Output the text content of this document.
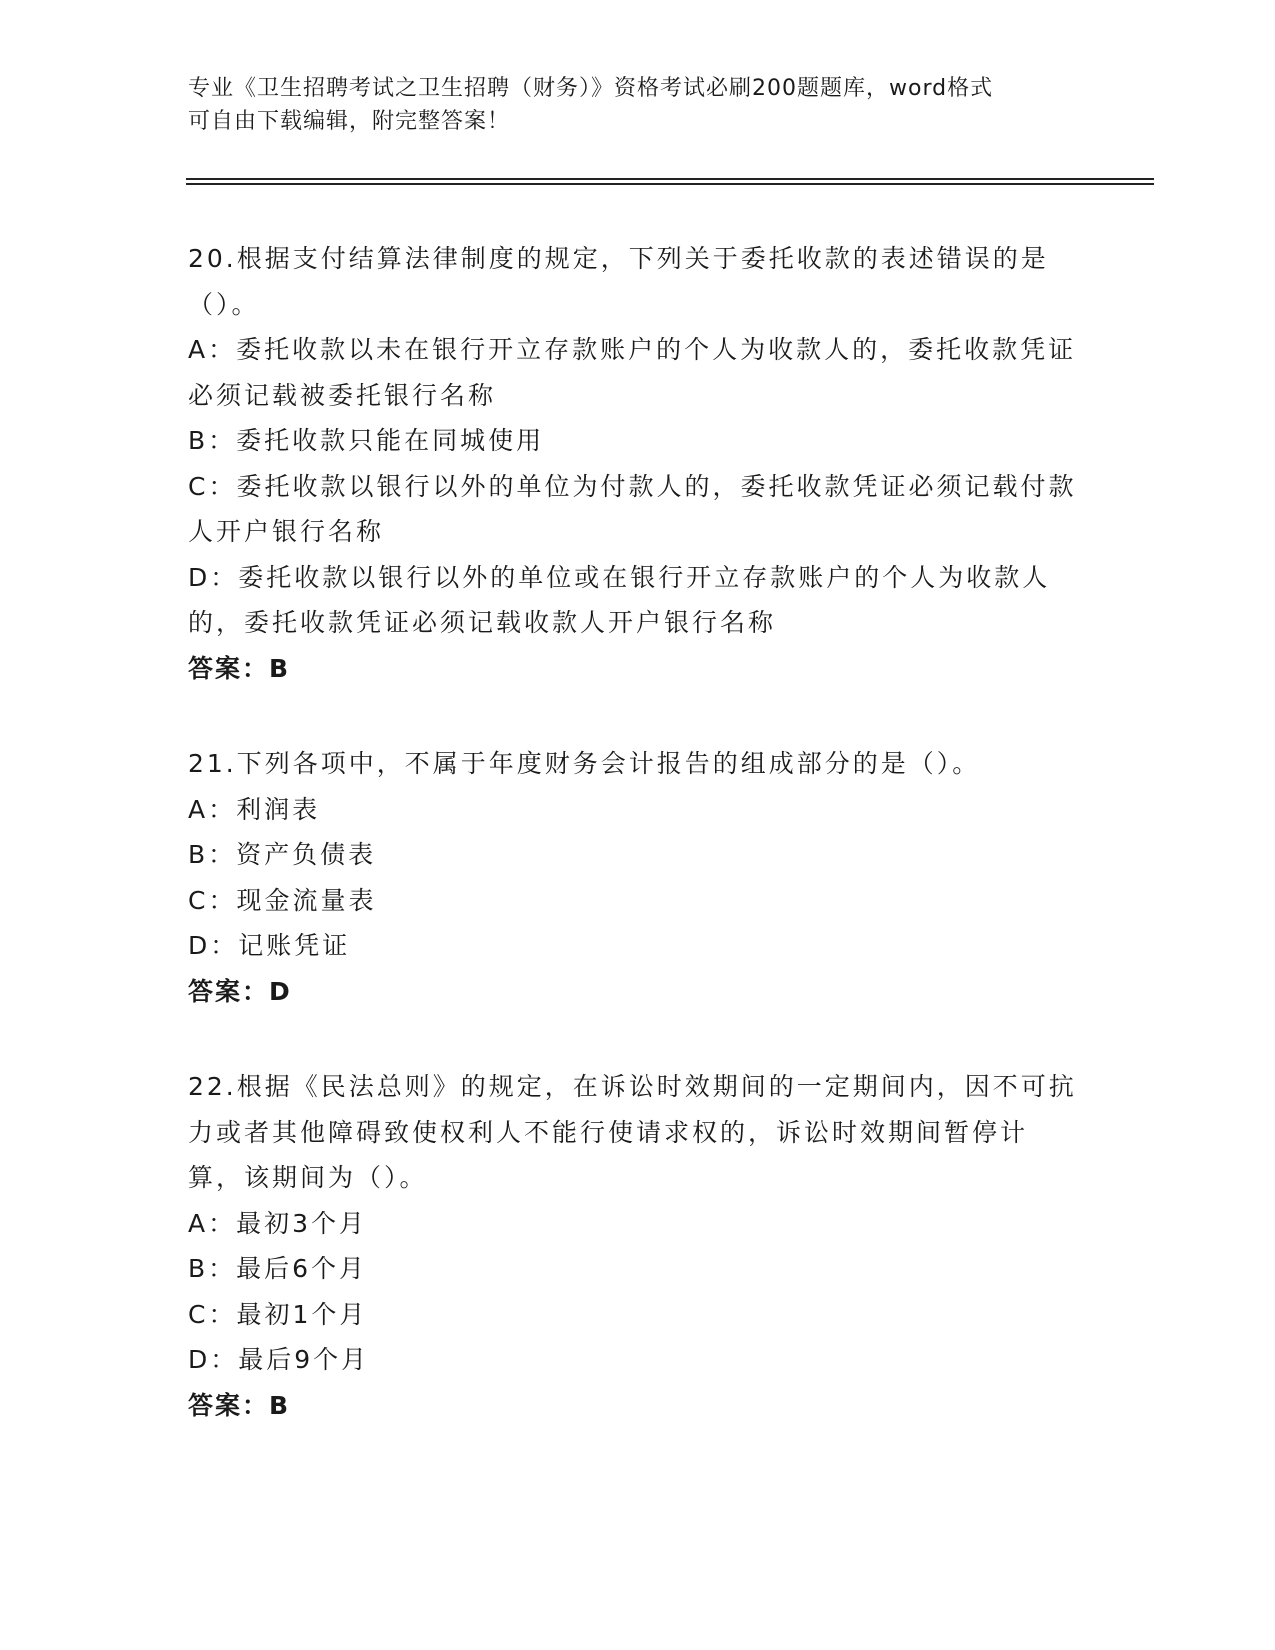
专业《卫生招聘考试之卫生招聘（财务）》资格考试必刷200题题库，word格式
可自由下载编辑，附完整答案！
20.根据支付结算法律制度的规定，下列关于委托收款的表述错误的是（）。
A：委托收款以未在银行开立存款账户的个人为收款人的，委托收款凭证必须记载被委托银行名称
B：委托收款只能在同城使用
C：委托收款以银行以外的单位为付款人的，委托收款凭证必须记载付款人开户银行名称
D：委托收款以银行以外的单位或在银行开立存款账户的个人为收款人的，委托收款凭证必须记载收款人开户银行名称
答案：B
21.下列各项中，不属于年度财务会计报告的组成部分的是（）。
A：利润表
B：资产负债表
C：现金流量表
D：记账凭证
答案：D
22.根据《民法总则》的规定，在诉讼时效期间的一定期间内，因不可抗力或者其他障碍致使权利人不能行使请求权的，诉讼时效期间暂停计算，该期间为（）。
A：最初3个月
B：最后6个月
C：最初1个月
D：最后9个月
答案：B
